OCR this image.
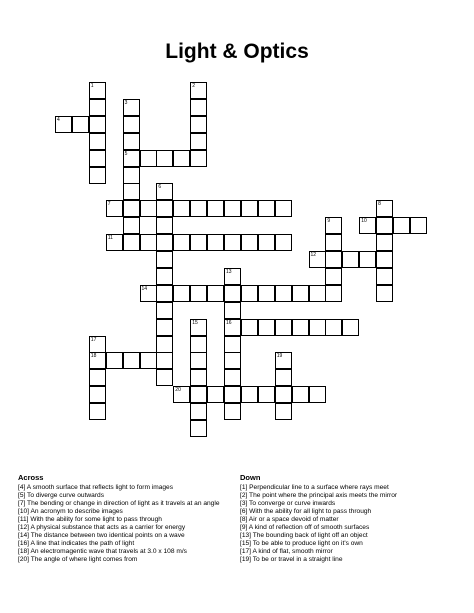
Light & Optics
1	2
3
5
6
8
9
13
16
15
17
18	19
4
7
10
11
12
14
20
Across
[4] A smooth surface that reflects light to form images
[5] To diverge curve outwards
[7] The bending or change in direction of light as it travels at an angle
[10] An acronym to describe images
[11] With the ability for some light to pass through
[12] A physical substance that acts as a carrier for energy
[14] The distance between two identical points on a wave
[16] A line that indicates the path of light
[18] An electromagentic wave that travels at 3.0 x 108 m/s
[20] The angle of where light comes from
Down
[1] Perpendicular line to a surface where rays meet
[2] The point where the principal axis meets the mirror
[3] To converge or curve inwards
[6] With the ability for all light to pass through
[8] Air or a space devoid of matter
[9] A kind of reflection off of smooth surfaces
[13] The bounding back of light off an object
[15] To be able to produce light on it's own
[17] A kind of flat, smooth mirror
[19] To be or travel in a straight line
